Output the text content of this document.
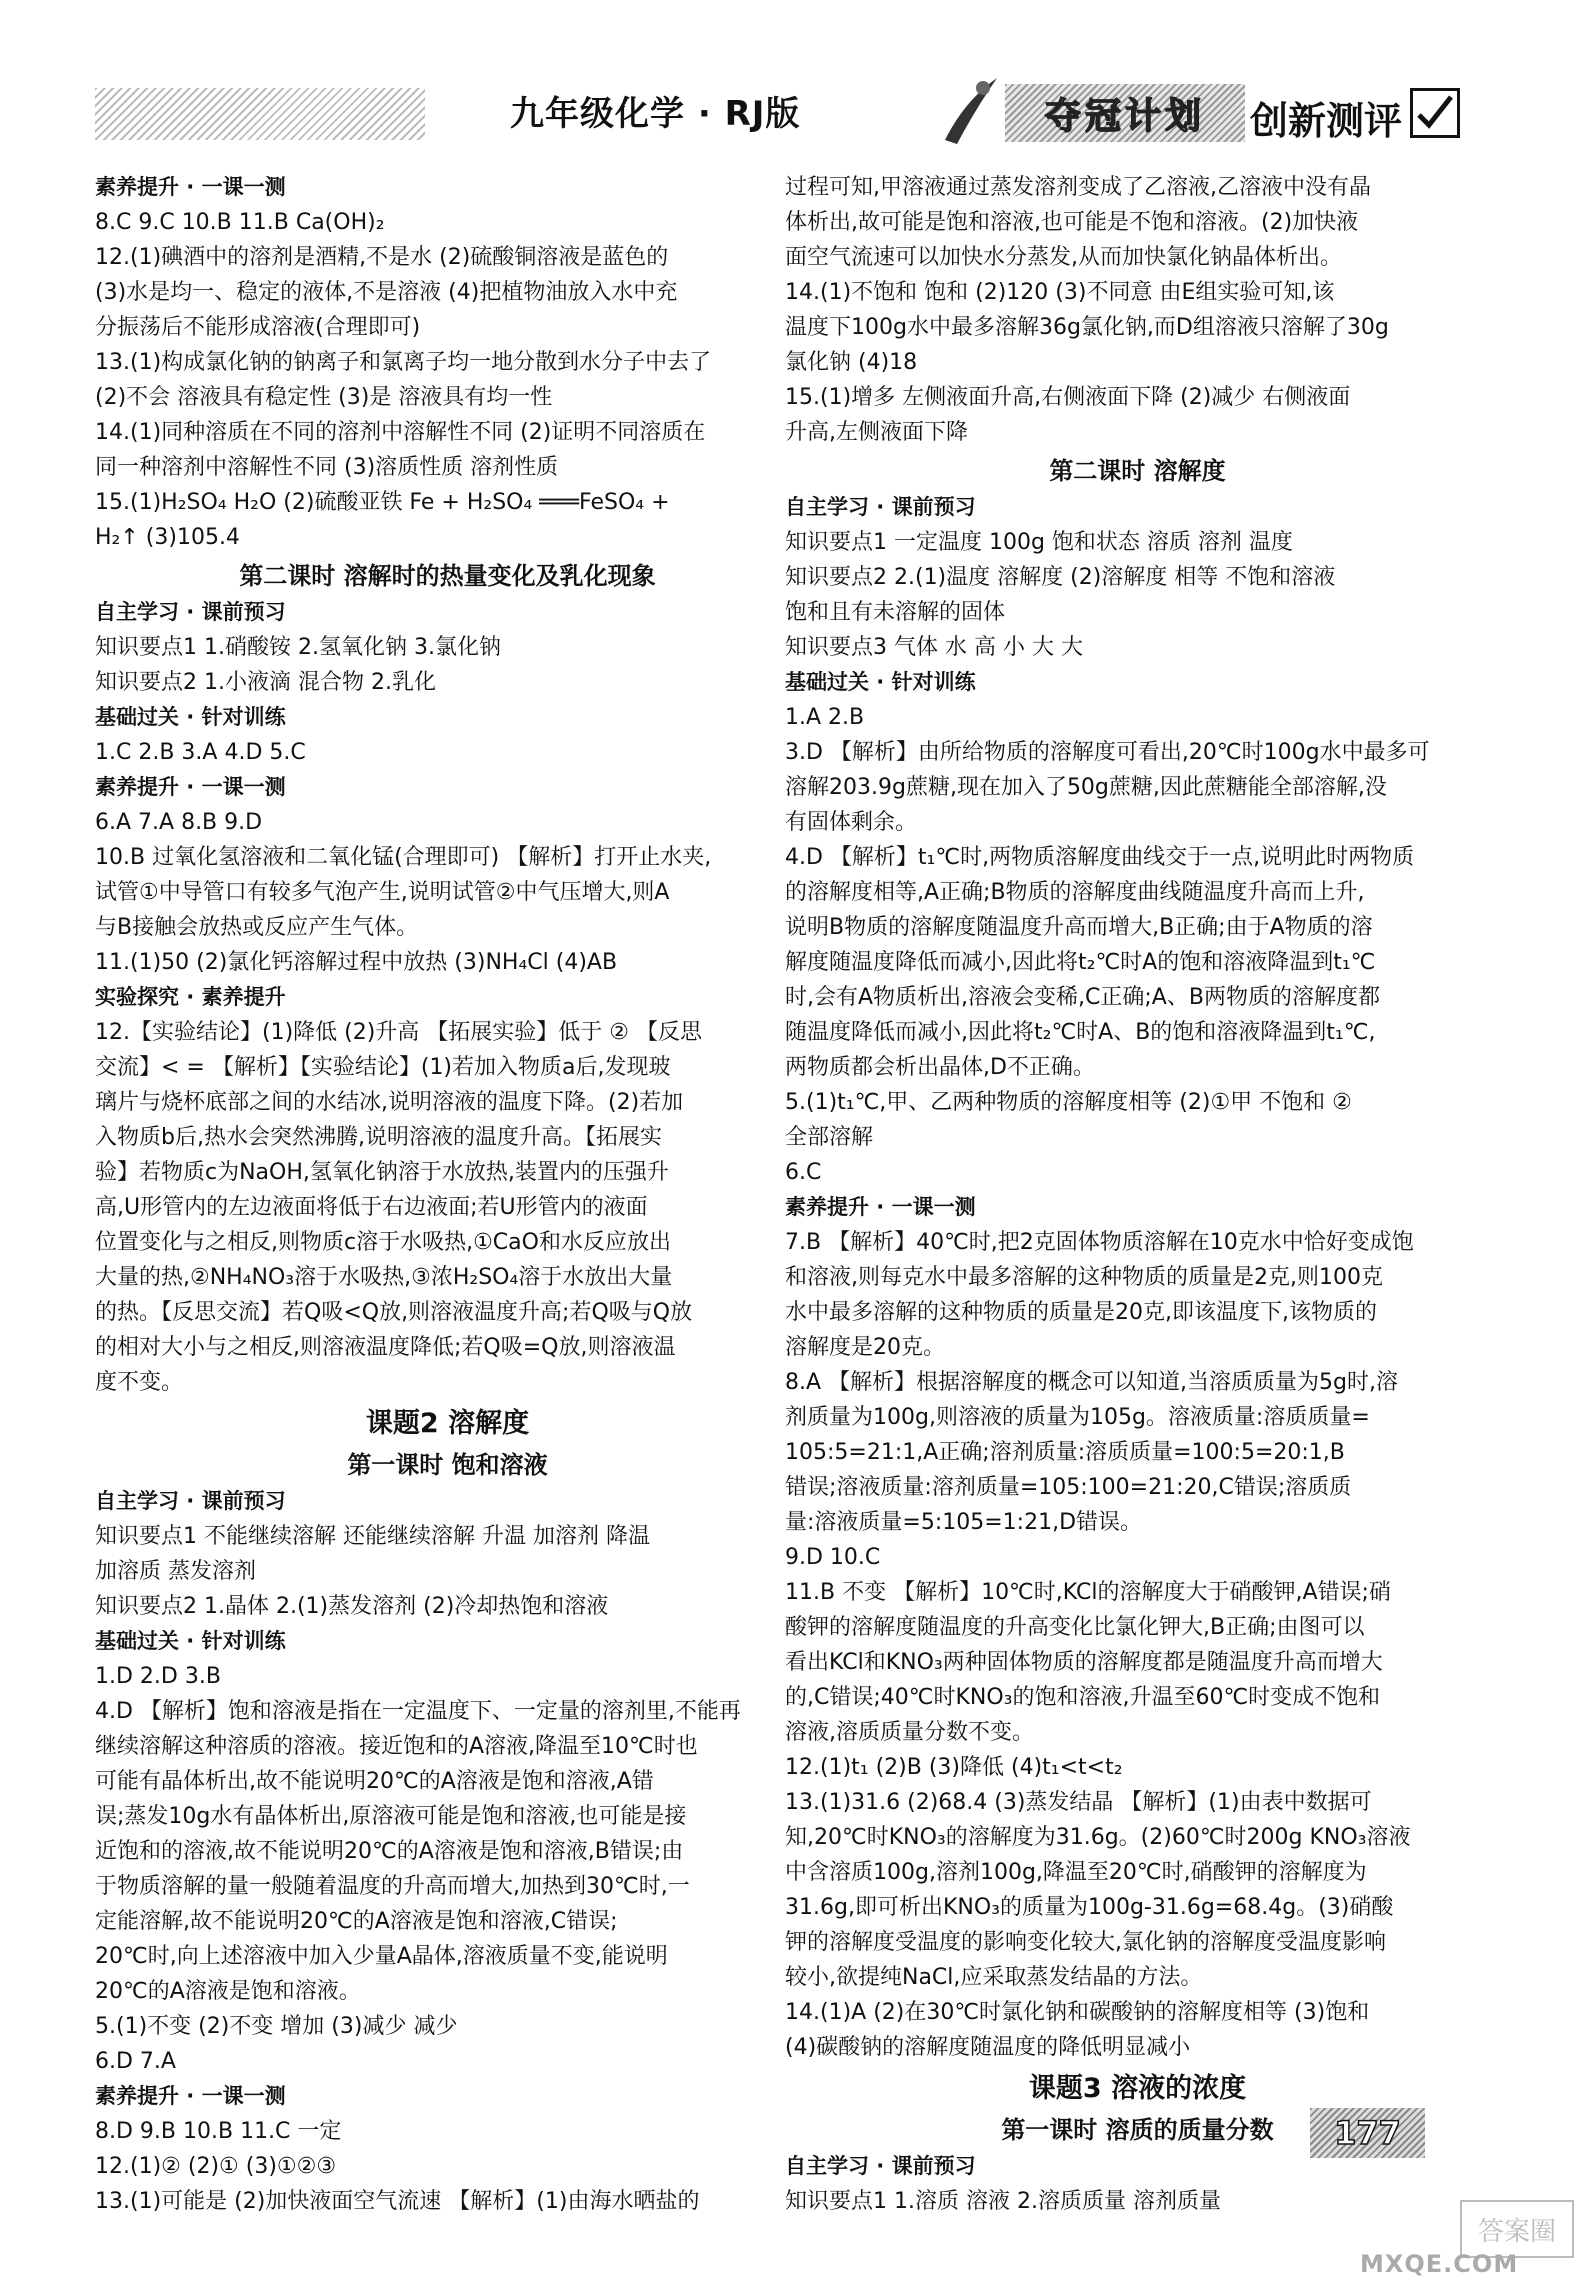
九年级化学 · RJ版	夺冠计划	创新测评
素养提升 · 一课一测
8.C 9.C 10.B 11.B Ca(OH)₂
12.(1)碘酒中的溶剂是酒精,不是水 (2)硫酸铜溶液是蓝色的
(3)水是均一、稳定的液体,不是溶液 (4)把植物油放入水中充
分振荡后不能形成溶液(合理即可)
13.(1)构成氯化钠的钠离子和氯离子均一地分散到水分子中去了
(2)不会 溶液具有稳定性 (3)是 溶液具有均一性
14.(1)同种溶质在不同的溶剂中溶解性不同 (2)证明不同溶质在
同一种溶剂中溶解性不同 (3)溶质性质 溶剂性质
15.(1)H₂SO₄ H₂O (2)硫酸亚铁 Fe + H₂SO₄ ═══FeSO₄ +
H₂↑ (3)105.4
第二课时 溶解时的热量变化及乳化现象
自主学习 · 课前预习
知识要点1 1.硝酸铵 2.氢氧化钠 3.氯化钠
知识要点2 1.小液滴 混合物 2.乳化
基础过关 · 针对训练
1.C 2.B 3.A 4.D 5.C
素养提升 · 一课一测
6.A 7.A 8.B 9.D
10.B 过氧化氢溶液和二氧化锰(合理即可) 【解析】打开止水夹,
试管①中导管口有较多气泡产生,说明试管②中气压增大,则A
与B接触会放热或反应产生气体。
11.(1)50 (2)氯化钙溶解过程中放热 (3)NH₄Cl (4)AB
实验探究 · 素养提升
12.【实验结论】(1)降低 (2)升高 【拓展实验】低于 ② 【反思
交流】< = 【解析】【实验结论】(1)若加入物质a后,发现玻
璃片与烧杯底部之间的水结冰,说明溶液的温度下降。(2)若加
入物质b后,热水会突然沸腾,说明溶液的温度升高。【拓展实
验】若物质c为NaOH,氢氧化钠溶于水放热,装置内的压强升
高,U形管内的左边液面将低于右边液面;若U形管内的液面
位置变化与之相反,则物质c溶于水吸热,①CaO和水反应放出
大量的热,②NH₄NO₃溶于水吸热,③浓H₂SO₄溶于水放出大量
的热。【反思交流】若Q吸<Q放,则溶液温度升高;若Q吸与Q放
的相对大小与之相反,则溶液温度降低;若Q吸=Q放,则溶液温
度不变。
课题2 溶解度
第一课时 饱和溶液
自主学习 · 课前预习
知识要点1 不能继续溶解 还能继续溶解 升温 加溶剂 降温
加溶质 蒸发溶剂
知识要点2 1.晶体 2.(1)蒸发溶剂 (2)冷却热饱和溶液
基础过关 · 针对训练
1.D 2.D 3.B
4.D 【解析】饱和溶液是指在一定温度下、一定量的溶剂里,不能再
继续溶解这种溶质的溶液。接近饱和的A溶液,降温至10℃时也
可能有晶体析出,故不能说明20℃的A溶液是饱和溶液,A错
误;蒸发10g水有晶体析出,原溶液可能是饱和溶液,也可能是接
近饱和的溶液,故不能说明20℃的A溶液是饱和溶液,B错误;由
于物质溶解的量一般随着温度的升高而增大,加热到30℃时,一
定能溶解,故不能说明20℃的A溶液是饱和溶液,C错误;
20℃时,向上述溶液中加入少量A晶体,溶液质量不变,能说明
20℃的A溶液是饱和溶液。
5.(1)不变 (2)不变 增加 (3)减少 减少
6.D 7.A
素养提升 · 一课一测
8.D 9.B 10.B 11.C 一定
12.(1)② (2)① (3)①②③
13.(1)可能是 (2)加快液面空气流速 【解析】(1)由海水晒盐的
过程可知,甲溶液通过蒸发溶剂变成了乙溶液,乙溶液中没有晶
体析出,故可能是饱和溶液,也可能是不饱和溶液。(2)加快液
面空气流速可以加快水分蒸发,从而加快氯化钠晶体析出。
14.(1)不饱和 饱和 (2)120 (3)不同意 由E组实验可知,该
温度下100g水中最多溶解36g氯化钠,而D组溶液只溶解了30g
氯化钠 (4)18
15.(1)增多 左侧液面升高,右侧液面下降 (2)减少 右侧液面
升高,左侧液面下降
第二课时 溶解度
自主学习 · 课前预习
知识要点1 一定温度 100g 饱和状态 溶质 溶剂 温度
知识要点2 2.(1)温度 溶解度 (2)溶解度 相等 不饱和溶液
饱和且有未溶解的固体
知识要点3 气体 水 高 小 大 大
基础过关 · 针对训练
1.A 2.B
3.D 【解析】由所给物质的溶解度可看出,20℃时100g水中最多可
溶解203.9g蔗糖,现在加入了50g蔗糖,因此蔗糖能全部溶解,没
有固体剩余。
4.D 【解析】t₁℃时,两物质溶解度曲线交于一点,说明此时两物质
的溶解度相等,A正确;B物质的溶解度曲线随温度升高而上升,
说明B物质的溶解度随温度升高而增大,B正确;由于A物质的溶
解度随温度降低而减小,因此将t₂℃时A的饱和溶液降温到t₁℃
时,会有A物质析出,溶液会变稀,C正确;A、B两物质的溶解度都
随温度降低而减小,因此将t₂℃时A、B的饱和溶液降温到t₁℃,
两物质都会析出晶体,D不正确。
5.(1)t₁℃,甲、乙两种物质的溶解度相等 (2)①甲 不饱和 ②
全部溶解
6.C
素养提升 · 一课一测
7.B 【解析】40℃时,把2克固体物质溶解在10克水中恰好变成饱
和溶液,则每克水中最多溶解的这种物质的质量是2克,则100克
水中最多溶解的这种物质的质量是20克,即该温度下,该物质的
溶解度是20克。
8.A 【解析】根据溶解度的概念可以知道,当溶质质量为5g时,溶
剂质量为100g,则溶液的质量为105g。溶液质量:溶质质量=
105:5=21:1,A正确;溶剂质量:溶质质量=100:5=20:1,B
错误;溶液质量:溶剂质量=105:100=21:20,C错误;溶质质
量:溶液质量=5:105=1:21,D错误。
9.D 10.C
11.B 不变 【解析】10℃时,KCl的溶解度大于硝酸钾,A错误;硝
酸钾的溶解度随温度的升高变化比氯化钾大,B正确;由图可以
看出KCl和KNO₃两种固体物质的溶解度都是随温度升高而增大
的,C错误;40℃时KNO₃的饱和溶液,升温至60℃时变成不饱和
溶液,溶质质量分数不变。
12.(1)t₁ (2)B (3)降低 (4)t₁<t<t₂
13.(1)31.6 (2)68.4 (3)蒸发结晶 【解析】(1)由表中数据可
知,20℃时KNO₃的溶解度为31.6g。(2)60℃时200g KNO₃溶液
中含溶质100g,溶剂100g,降温至20℃时,硝酸钾的溶解度为
31.6g,即可析出KNO₃的质量为100g-31.6g=68.4g。(3)硝酸
钾的溶解度受温度的影响变化较大,氯化钠的溶解度受温度影响
较小,欲提纯NaCl,应采取蒸发结晶的方法。
14.(1)A (2)在30℃时氯化钠和碳酸钠的溶解度相等 (3)饱和
(4)碳酸钠的溶解度随温度的降低明显减小
课题3 溶液的浓度
第一课时 溶质的质量分数
自主学习 · 课前预习
知识要点1 1.溶质 溶液 2.溶质质量 溶剂质量
177
答案圈
MXQE.COM
